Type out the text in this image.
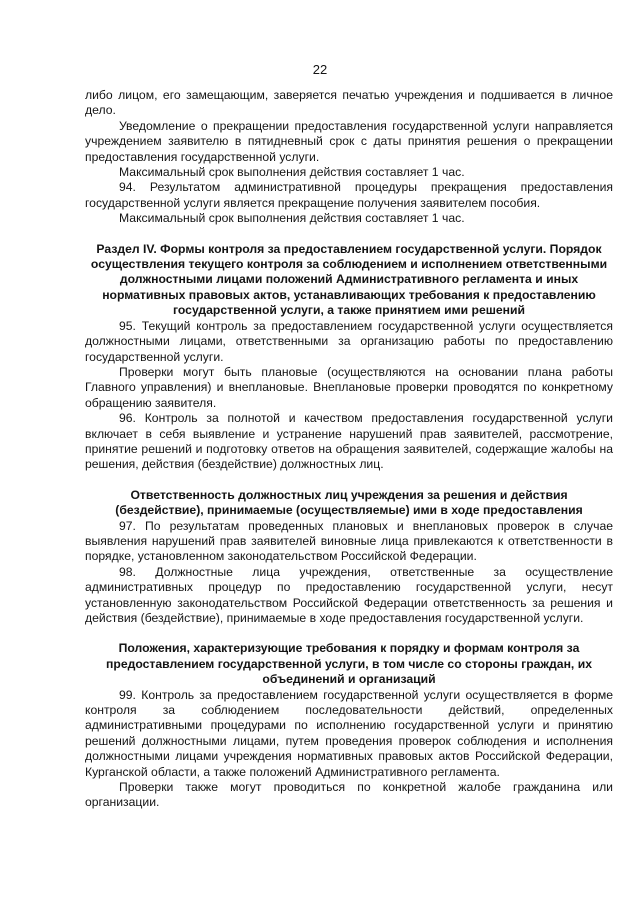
22

либо лицом, его замещающим, заверяется печатью учреждения и подшивается в личное дело.

Уведомление о прекращении предоставления государственной услуги направляется учреждением заявителю в пятидневный срок с даты принятия решения о прекращении предоставления государственной услуги.

Максимальный срок выполнения действия составляет 1 час.

94. Результатом административной процедуры прекращения предоставления государственной услуги является прекращение получения заявителем пособия.

Максимальный срок выполнения действия составляет 1 час.

Раздел IV. Формы контроля за предоставлением государственной услуги. Порядок осуществления текущего контроля за соблюдением и исполнением ответственными должностными лицами положений Административного регламента и иных нормативных правовых актов, устанавливающих требования к предоставлению государственной услуги, а также принятием ими решений

95. Текущий контроль за предоставлением государственной услуги осуществляется должностными лицами, ответственными за организацию работы по предоставлению государственной услуги.

Проверки могут быть плановые (осуществляются на основании плана работы Главного управления) и внеплановые. Внеплановые проверки проводятся по конкретному обращению заявителя.

96. Контроль за полнотой и качеством предоставления государственной услуги включает в себя выявление и устранение нарушений прав заявителей, рассмотрение, принятие решений и подготовку ответов на обращения заявителей, содержащие жалобы на решения, действия (бездействие) должностных лиц.

Ответственность должностных лиц учреждения за решения и действия (бездействие), принимаемые (осуществляемые) ими в ходе предоставления

97. По результатам проведенных плановых и внеплановых проверок в случае выявления нарушений прав заявителей виновные лица привлекаются к ответственности в порядке, установленном законодательством Российской Федерации.

98. Должностные лица учреждения, ответственные за осуществление административных процедур по предоставлению государственной услуги, несут установленную законодательством Российской Федерации ответственность за решения и действия (бездействие), принимаемые в ходе предоставления государственной услуги.

Положения, характеризующие требования к порядку и формам контроля за предоставлением государственной услуги, в том числе со стороны граждан, их объединений и организаций

99. Контроль за предоставлением государственной услуги осуществляется в форме контроля за соблюдением последовательности действий, определенных административными процедурами по исполнению государственной услуги и принятию решений должностными лицами, путем проведения проверок соблюдения и исполнения должностными лицами учреждения нормативных правовых актов Российской Федерации, Курганской области, а также положений Административного регламента.

Проверки также могут проводиться по конкретной жалобе гражданина или организации.
